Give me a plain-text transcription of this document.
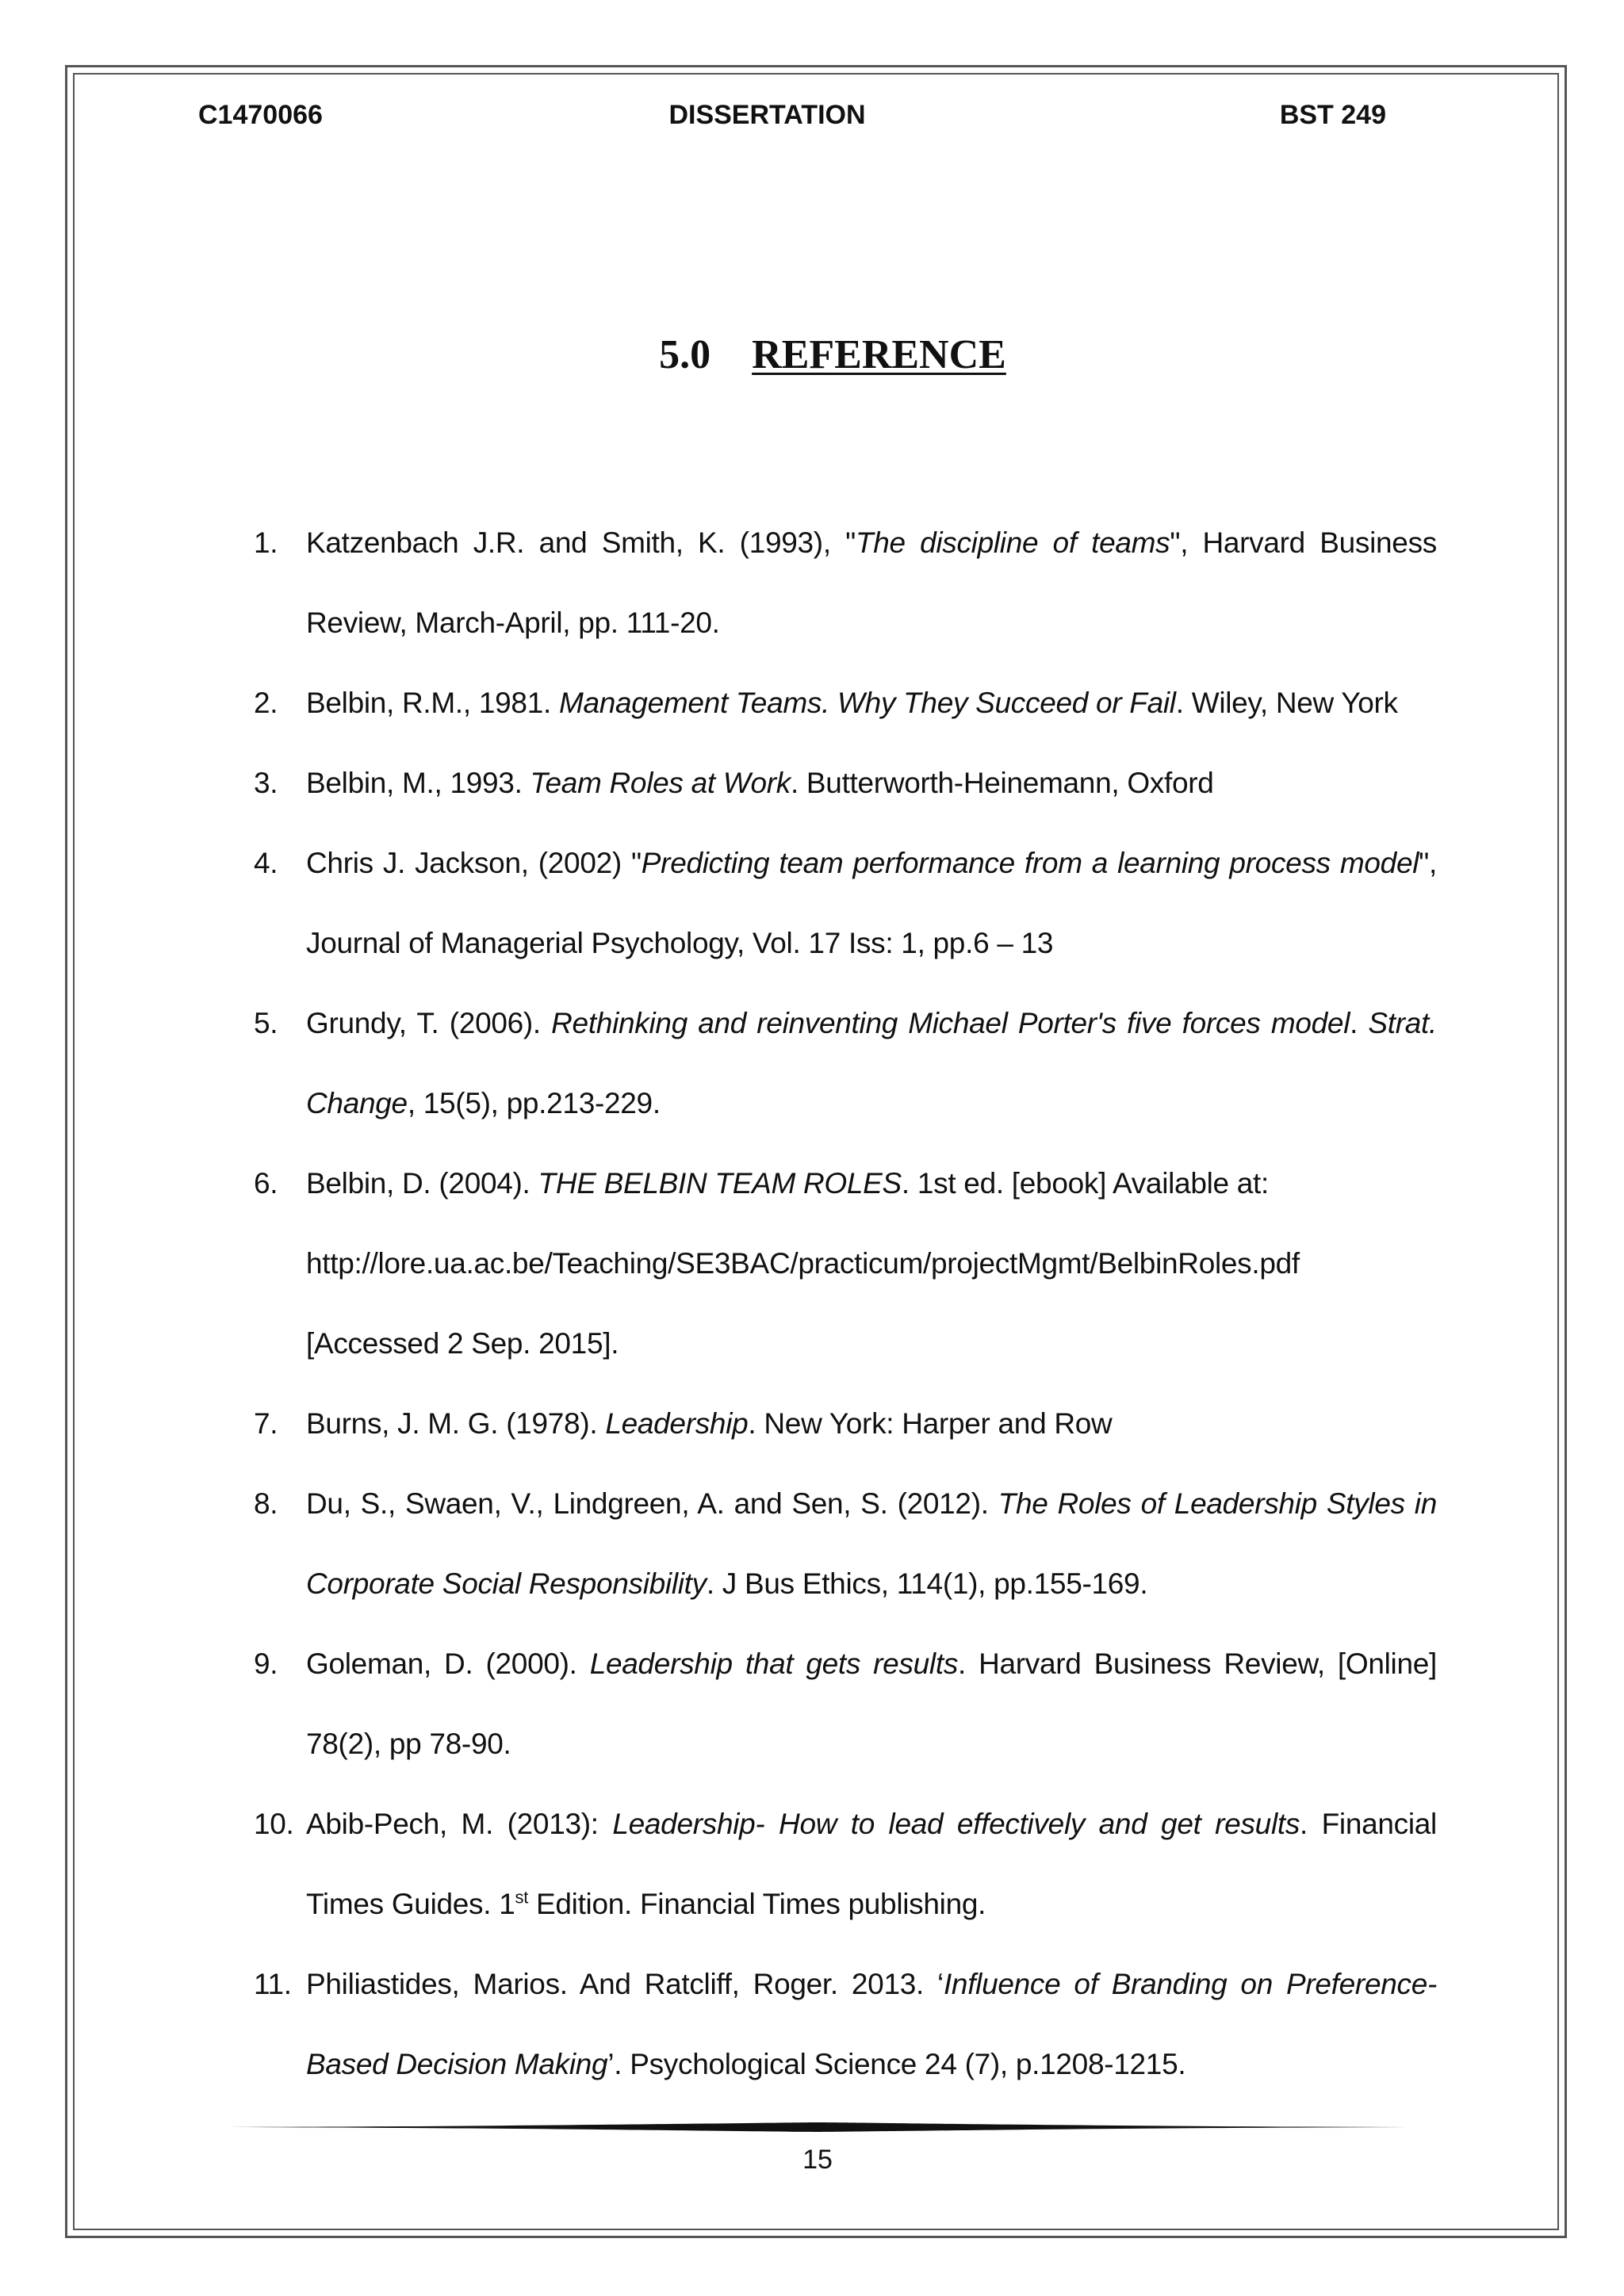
C1470066	DISSERTATION	BST 249
5.0 REFERENCE
1. Katzenbach J.R. and Smith, K. (1993), "The discipline of teams", Harvard Business Review, March-April, pp. 111-20.
2. Belbin, R.M., 1981. Management Teams. Why They Succeed or Fail. Wiley, New York
3. Belbin, M., 1993. Team Roles at Work. Butterworth-Heinemann, Oxford
4. Chris J. Jackson, (2002) "Predicting team performance from a learning process model", Journal of Managerial Psychology, Vol. 17 Iss: 1, pp.6 – 13
5. Grundy, T. (2006). Rethinking and reinventing Michael Porter's five forces model. Strat. Change, 15(5), pp.213-229.
6. Belbin, D. (2004). THE BELBIN TEAM ROLES. 1st ed. [ebook] Available at:
http://lore.ua.ac.be/Teaching/SE3BAC/practicum/projectMgmt/BelbinRoles.pdf
[Accessed 2 Sep. 2015].
7. Burns, J. M. G. (1978). Leadership. New York: Harper and Row
8. Du, S., Swaen, V., Lindgreen, A. and Sen, S. (2012). The Roles of Leadership Styles in Corporate Social Responsibility. J Bus Ethics, 114(1), pp.155-169.
9. Goleman, D. (2000). Leadership that gets results. Harvard Business Review, [Online] 78(2), pp 78-90.
10. Abib-Pech, M. (2013): Leadership- How to lead effectively and get results. Financial Times Guides. 1st Edition. Financial Times publishing.
11. Philiastides, Marios. And Ratcliff, Roger. 2013. ‘Influence of Branding on Preference-Based Decision Making’. Psychological Science 24 (7), p.1208-1215.
15
